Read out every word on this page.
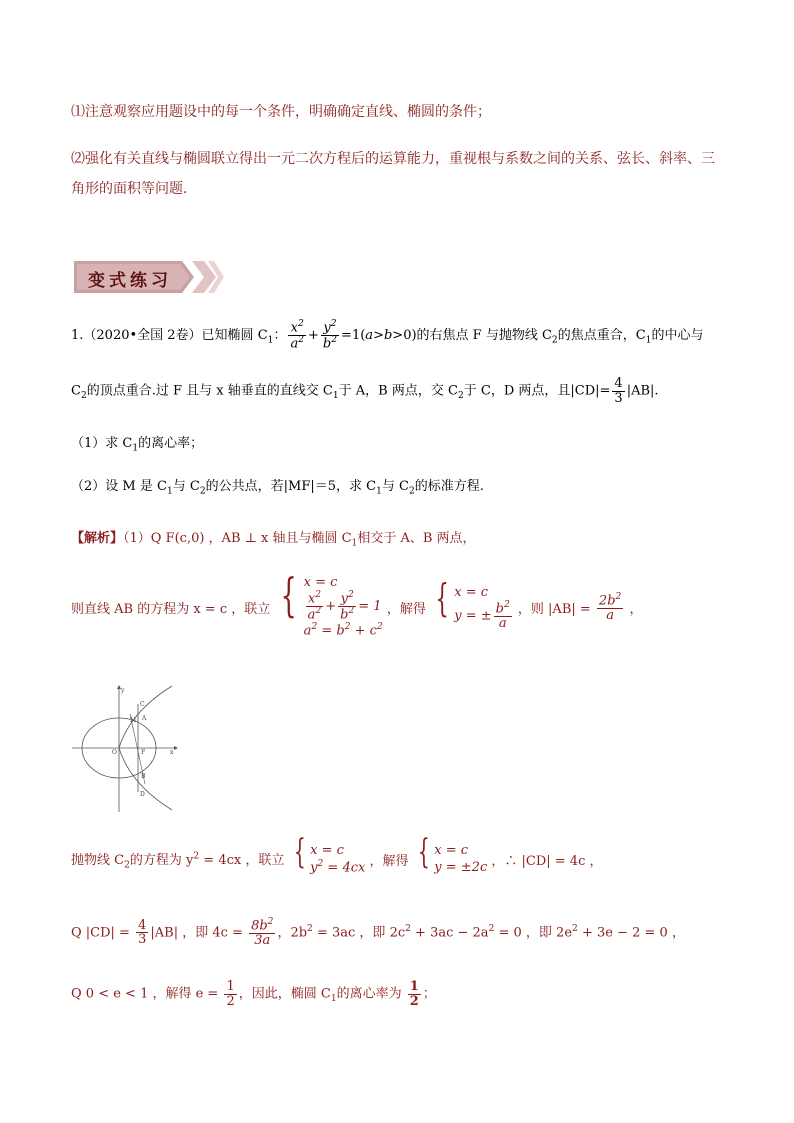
⑴注意观察应用题设中的每一个条件，明确确定直线、椭圆的条件；
⑵强化有关直线与椭圆联立得出一元二次方程后的运算能力，重视根与系数之间的关系、弦长、斜率、三
角形的面积等问题．
变式练习
1.（2020•全国 2卷）已知椭圆 $C_1$： $\frac{x^2}{a^2} + \frac{y^2}{b^2} =1(a>b>0)$的右焦点 F 与抛物线 $C_2$的焦点重合，$C_1$的中心与
$C_2$的顶点重合.过 F 且与 x 轴垂直的直线交 $C_1$于 A，B 两点，交 $C_2$于 C，D 两点，且$|CD|= \frac{4}{3} |AB|$.
（1）求 $C_1$的离心率；
（2）设 M 是 $C_1$与 $C_2$的公共点，若|MF|＝5，求 $C_1$与 $C_2$的标准方程.
【解析】（1）Q F(c,0) ，AB ⊥ x 轴且与椭圆 $C_1$相交于 A、B 两点，
则直线 AB 的方程为 x = c ，联立 { x = c
$\frac{x^2}{a^2} + \frac{y^2}{b^2} = 1$
$a^2 = b^2 + c^2$
，解得 { x = c
y = ± $\frac{b^2}{a}$ ，则 $|AB| = \frac{2b^2}{a}$ ，
C
A
M
O	F
B
D
x
y
抛物线 $C_2$的方程为 $y^2 = 4cx$ ，联立 { x = c
$y^2 = 4cx$ ，解得 { x = c
y = ±2c ，∴ |CD| = 4c ，
Q $|CD| = \frac{4}{3} |AB|$ ，即 $4c = \frac{8b^2}{3a}$ ，$2b^2 = 3ac$ ，即 $2c^2 + 3ac - 2a^2 = 0$ ，即 $2e^2 + 3e - 2 = 0$ ，
Q 0 < e < 1 ，解得 $e = \frac{1}{2}$ ，因此，椭圆 $C_1$的离心率为 $\frac{1}{2}$ ；
